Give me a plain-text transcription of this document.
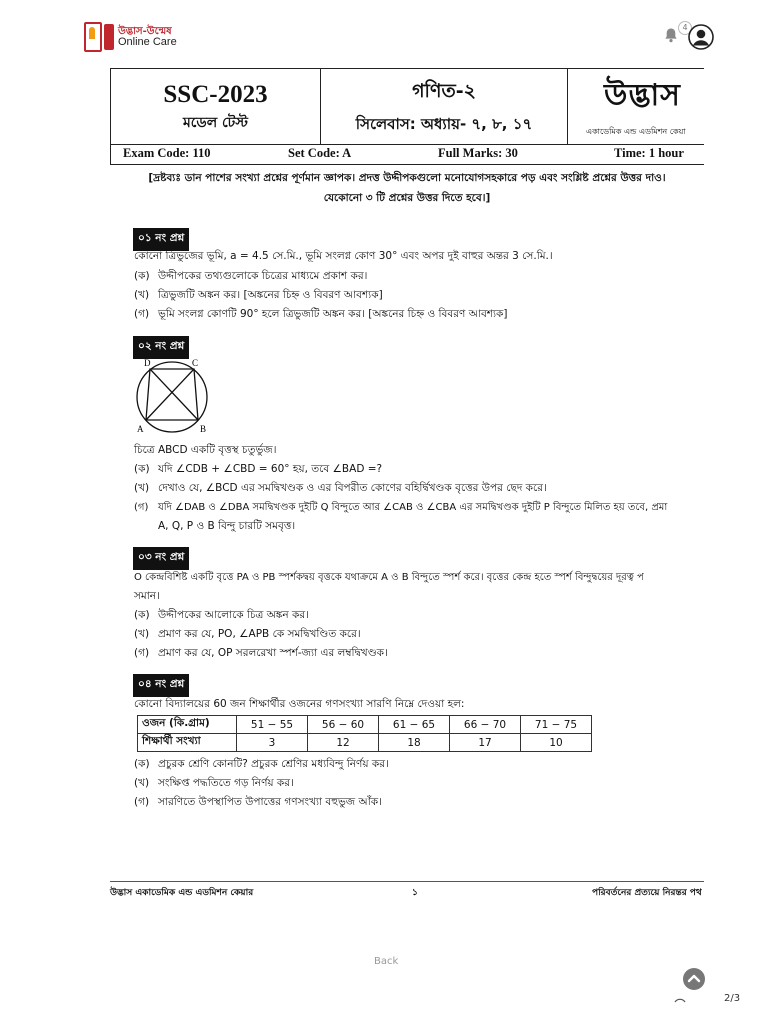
উদ্ভাস-উন্মেষ
Online Care
4
SSC-2023
মডেল টেস্ট
গণিত-২
সিলেবাস: অধ্যায়- ৭, ৮, ১৭
উদ্ভাস
একাডেমিক এন্ড এডমিশন কেয়া
Exam Code: 110	Set Code: A	Full Marks: 30	Time: 1 hour
[দ্রষ্টব্যঃ ডান পাশের সংখ্যা প্রশ্নের পূর্ণমান জ্ঞাপক। প্রদত্ত উদ্দীপকগুলো মনোযোগসহকারে পড় এবং সংশ্লিষ্ট প্রশ্নের উত্তর দাও।
যেকোনো ৩ টি প্রশ্নের উত্তর দিতে হবে।]
০১ নং প্রশ্ন
কোনো ত্রিভুজের ভূমি, a = 4.5 সে.মি., ভূমি সংলগ্ন কোণ 30° এবং অপর দুই বাহুর অন্তর 3 সে.মি.।
(ক) উদ্দীপকের তথ্যগুলোকে চিত্রের মাধ্যমে প্রকাশ কর।
(খ) ত্রিভুজটি অঙ্কন কর। [অঙ্কনের চিহ্ন ও বিবরণ আবশ্যক]
(গ) ভূমি সংলগ্ন কোণটি 90° হলে ত্রিভুজটি অঙ্কন কর। [অঙ্কনের চিহ্ন ও বিবরণ আবশ্যক]
০২ নং প্রশ্ন
D	C
A	B
চিত্রে ABCD একটি বৃত্তস্থ চতুর্ভুজ।
(ক) যদি ∠CDB + ∠CBD = 60° হয়, তবে ∠BAD =?
(খ) দেখাও যে, ∠BCD এর সমদ্বিখণ্ডক ও এর বিপরীত কোণের বহির্দ্বিখণ্ডক বৃত্তের উপর ছেদ করে।
(গ) যদি ∠DAB ও ∠DBA সমদ্বিখণ্ডক দুইটি Q বিন্দুতে আর ∠CAB ও ∠CBA এর সমদ্বিখণ্ডক দুইটি P বিন্দুতে মিলিত হয় তবে, প্রমা
A, Q, P ও B বিন্দু চারটি সমবৃত্ত।
০৩ নং প্রশ্ন
O কেন্দ্রবিশিষ্ট একটি বৃত্তে PA ও PB স্পর্শকদ্বয় বৃত্তকে যথাক্রমে A ও B বিন্দুতে স্পর্শ করে। বৃত্তের কেন্দ্র হতে স্পর্শ বিন্দুদ্বয়ের দূরত্ব প
সমান।
(ক) উদ্দীপকের আলোকে চিত্র অঙ্কন কর।
(খ) প্রমাণ কর যে, PO, ∠APB কে সমদ্বিখণ্ডিত করে।
(গ) প্রমাণ কর যে, OP সরলরেখা স্পর্শ-জ্যা এর লম্বদ্বিখণ্ডক।
০৪ নং প্রশ্ন
কোনো বিদ্যালয়ের 60 জন শিক্ষার্থীর ওজনের গণসংখ্যা সারণি নিম্নে দেওয়া হল:
ওজন (কি.গ্রাম)	51 − 55	56 − 60	61 − 65	66 − 70	71 − 75
শিক্ষার্থী সংখ্যা	3	12	18	17	10
(ক) প্রচুরক শ্রেণি কোনটি? প্রচুরক শ্রেণির মধ্যবিন্দু নির্ণয় কর।
(খ) সংক্ষিপ্ত পদ্ধতিতে গড় নির্ণয় কর।
(গ) সারণিতে উপস্থাপিত উপাত্তের গণসংখ্যা বহুভুজ আঁক।
উদ্ভাস একাডেমিক এন্ড এডমিশন কেয়ার	১	পরিবর্তনের প্রত্যয়ে নিরন্তর পথ
Back
2/3
